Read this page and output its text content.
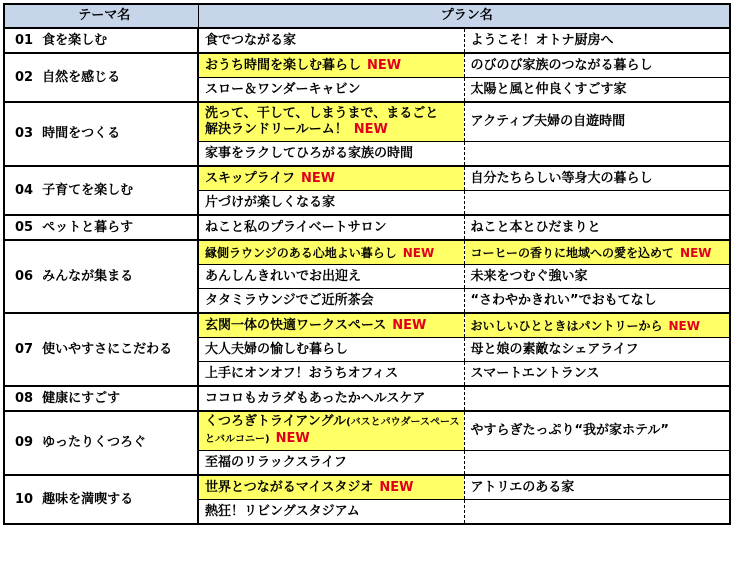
テーマ名	プラン名	
01 食を楽しむ	食でつながる家	ようこそ！オトナ厨房へ
02 自然を感じる	おうち時間を楽しむ暮らし NEW	のびのび家族のつながる暮らし
	スロー＆ワンダーキャビン	太陽と風と仲良くすごす家
03 時間をつくる	洗って、干して、しまうまで、まるごと
解決ランドリールーム！ NEW	アクティブ夫婦の自遊時間
	家事をラクしてひろがる家族の時間	
04 子育てを楽しむ	スキップライフ NEW	自分たちらしい等身大の暮らし
	片づけが楽しくなる家	
05 ペットと暮らす	ねこと私のプライベートサロン	ねこと本とひだまりと
06 みんなが集まる	縁側ラウンジのある心地よい暮らし NEW	コーヒーの香りに地域への愛を込めて NEW
	あんしんきれいでお出迎え	未来をつむぐ強い家
	タタミラウンジでご近所茶会	“さわやかきれい”でおもてなし
07 使いやすさにこだわる	玄関一体の快適ワークスペース NEW	おいしいひとときはパントリーから NEW
	大人夫婦の愉しむ暮らし	母と娘の素敵なシェアライフ
	上手にオンオフ！おうちオフィス	スマートエントランス
08 健康にすごす	ココロもカラダもあったかヘルスケア	
09 ゆったりくつろぐ	くつろぎトライアングル(バスとパウダースペースとバルコニー) NEW	やすらぎたっぷり“我が家ホテル”
	至福のリラックスライフ	
10 趣味を満喫する	世界とつながるマイスタジオ NEW	アトリエのある家
	熱狂！リビングスタジアム	
